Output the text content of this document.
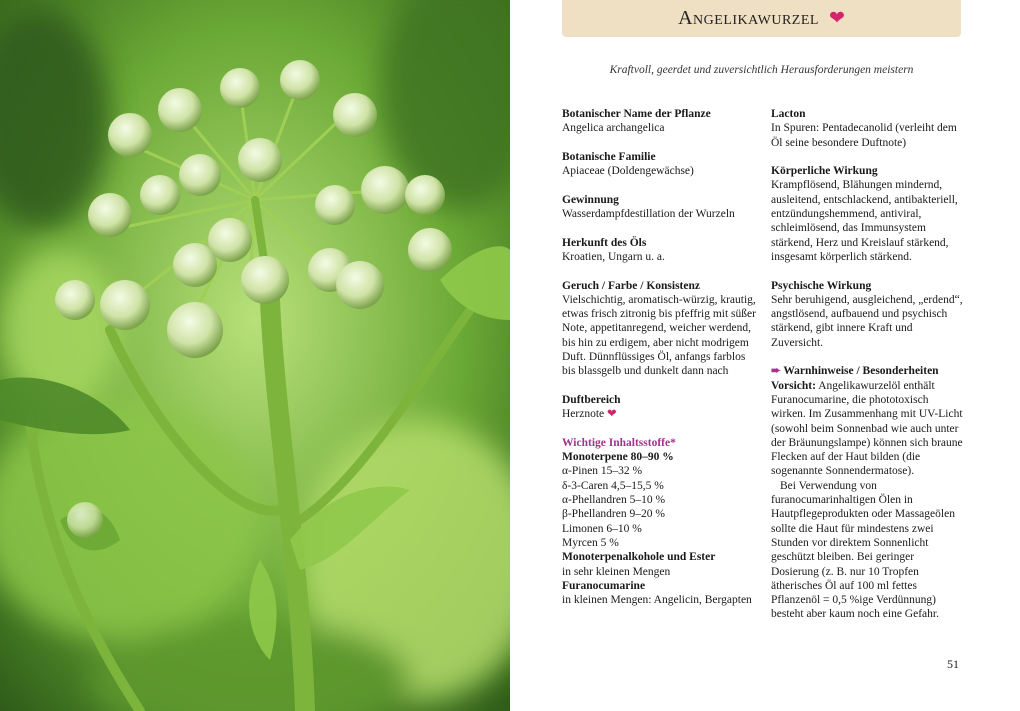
Angelikawurzel ❤
Kraftvoll, geerdet und zuversichtlich Herausforderungen meistern
Botanischer Name der Pflanze
Angelica archangelica
Botanische Familie
Apiaceae (Doldengewächse)
Gewinnung
Wasserdampfdestillation der Wurzeln
Herkunft des Öls
Kroatien, Ungarn u. a.
Geruch / Farbe / Konsistenz
Vielschichtig, aromatisch-würzig, krautig, etwas frisch zitronig bis pfeffrig mit süßer Note, appetitanregend, weicher werdend, bis hin zu erdigem, aber nicht modrigem Duft. Dünnflüssiges Öl, anfangs farblos bis blassgelb und dunkelt dann nach
Duftbereich
Herznote ❤
Wichtige Inhaltsstoffe*
Monoterpene 80–90 %
α-Pinen 15–32 %
δ-3-Caren 4,5–15,5 %
α-Phellandren 5–10 %
β-Phellandren 9–20 %
Limonen 6–10 %
Myrcen 5 %
Monoterpenalkohole und Ester
in sehr kleinen Mengen
Furanocumarine
in kleinen Mengen: Angelicin, Bergapten
Lacton
In Spuren: Pentadecanolid (verleiht dem Öl seine besondere Duftnote)
Körperliche Wirkung
Krampflösend, Blähungen mindernd, ausleitend, entschlackend, antibakteriell, entzündungshemmend, antiviral, schleimlösend, das Immunsystem stärkend, Herz und Kreislauf stärkend, insgesamt körperlich stärkend.
Psychische Wirkung
Sehr beruhigend, ausgleichend, „erdend“, angstlösend, aufbauend und psychisch stärkend, gibt innere Kraft und Zuversicht.
➨ Warnhinweise / Besonderheiten
Vorsicht: Angelikawurzelöl enthält Furanocumarine, die phototoxisch wirken. Im Zusammenhang mit UV-Licht (sowohl beim Sonnenbad wie auch unter der Bräunungslampe) können sich braune Flecken auf der Haut bilden (die sogenannte Sonnendermatose).
Bei Verwendung von furanocumarinhaltigen Ölen in Hautpflegeprodukten oder Massageölen sollte die Haut für mindestens zwei Stunden vor direktem Sonnenlicht geschützt bleiben. Bei geringer Dosierung (z. B. nur 10 Tropfen ätherisches Öl auf 100 ml fettes Pflanzenöl = 0,5 %ige Verdünnung) besteht aber kaum noch eine Gefahr.
51
